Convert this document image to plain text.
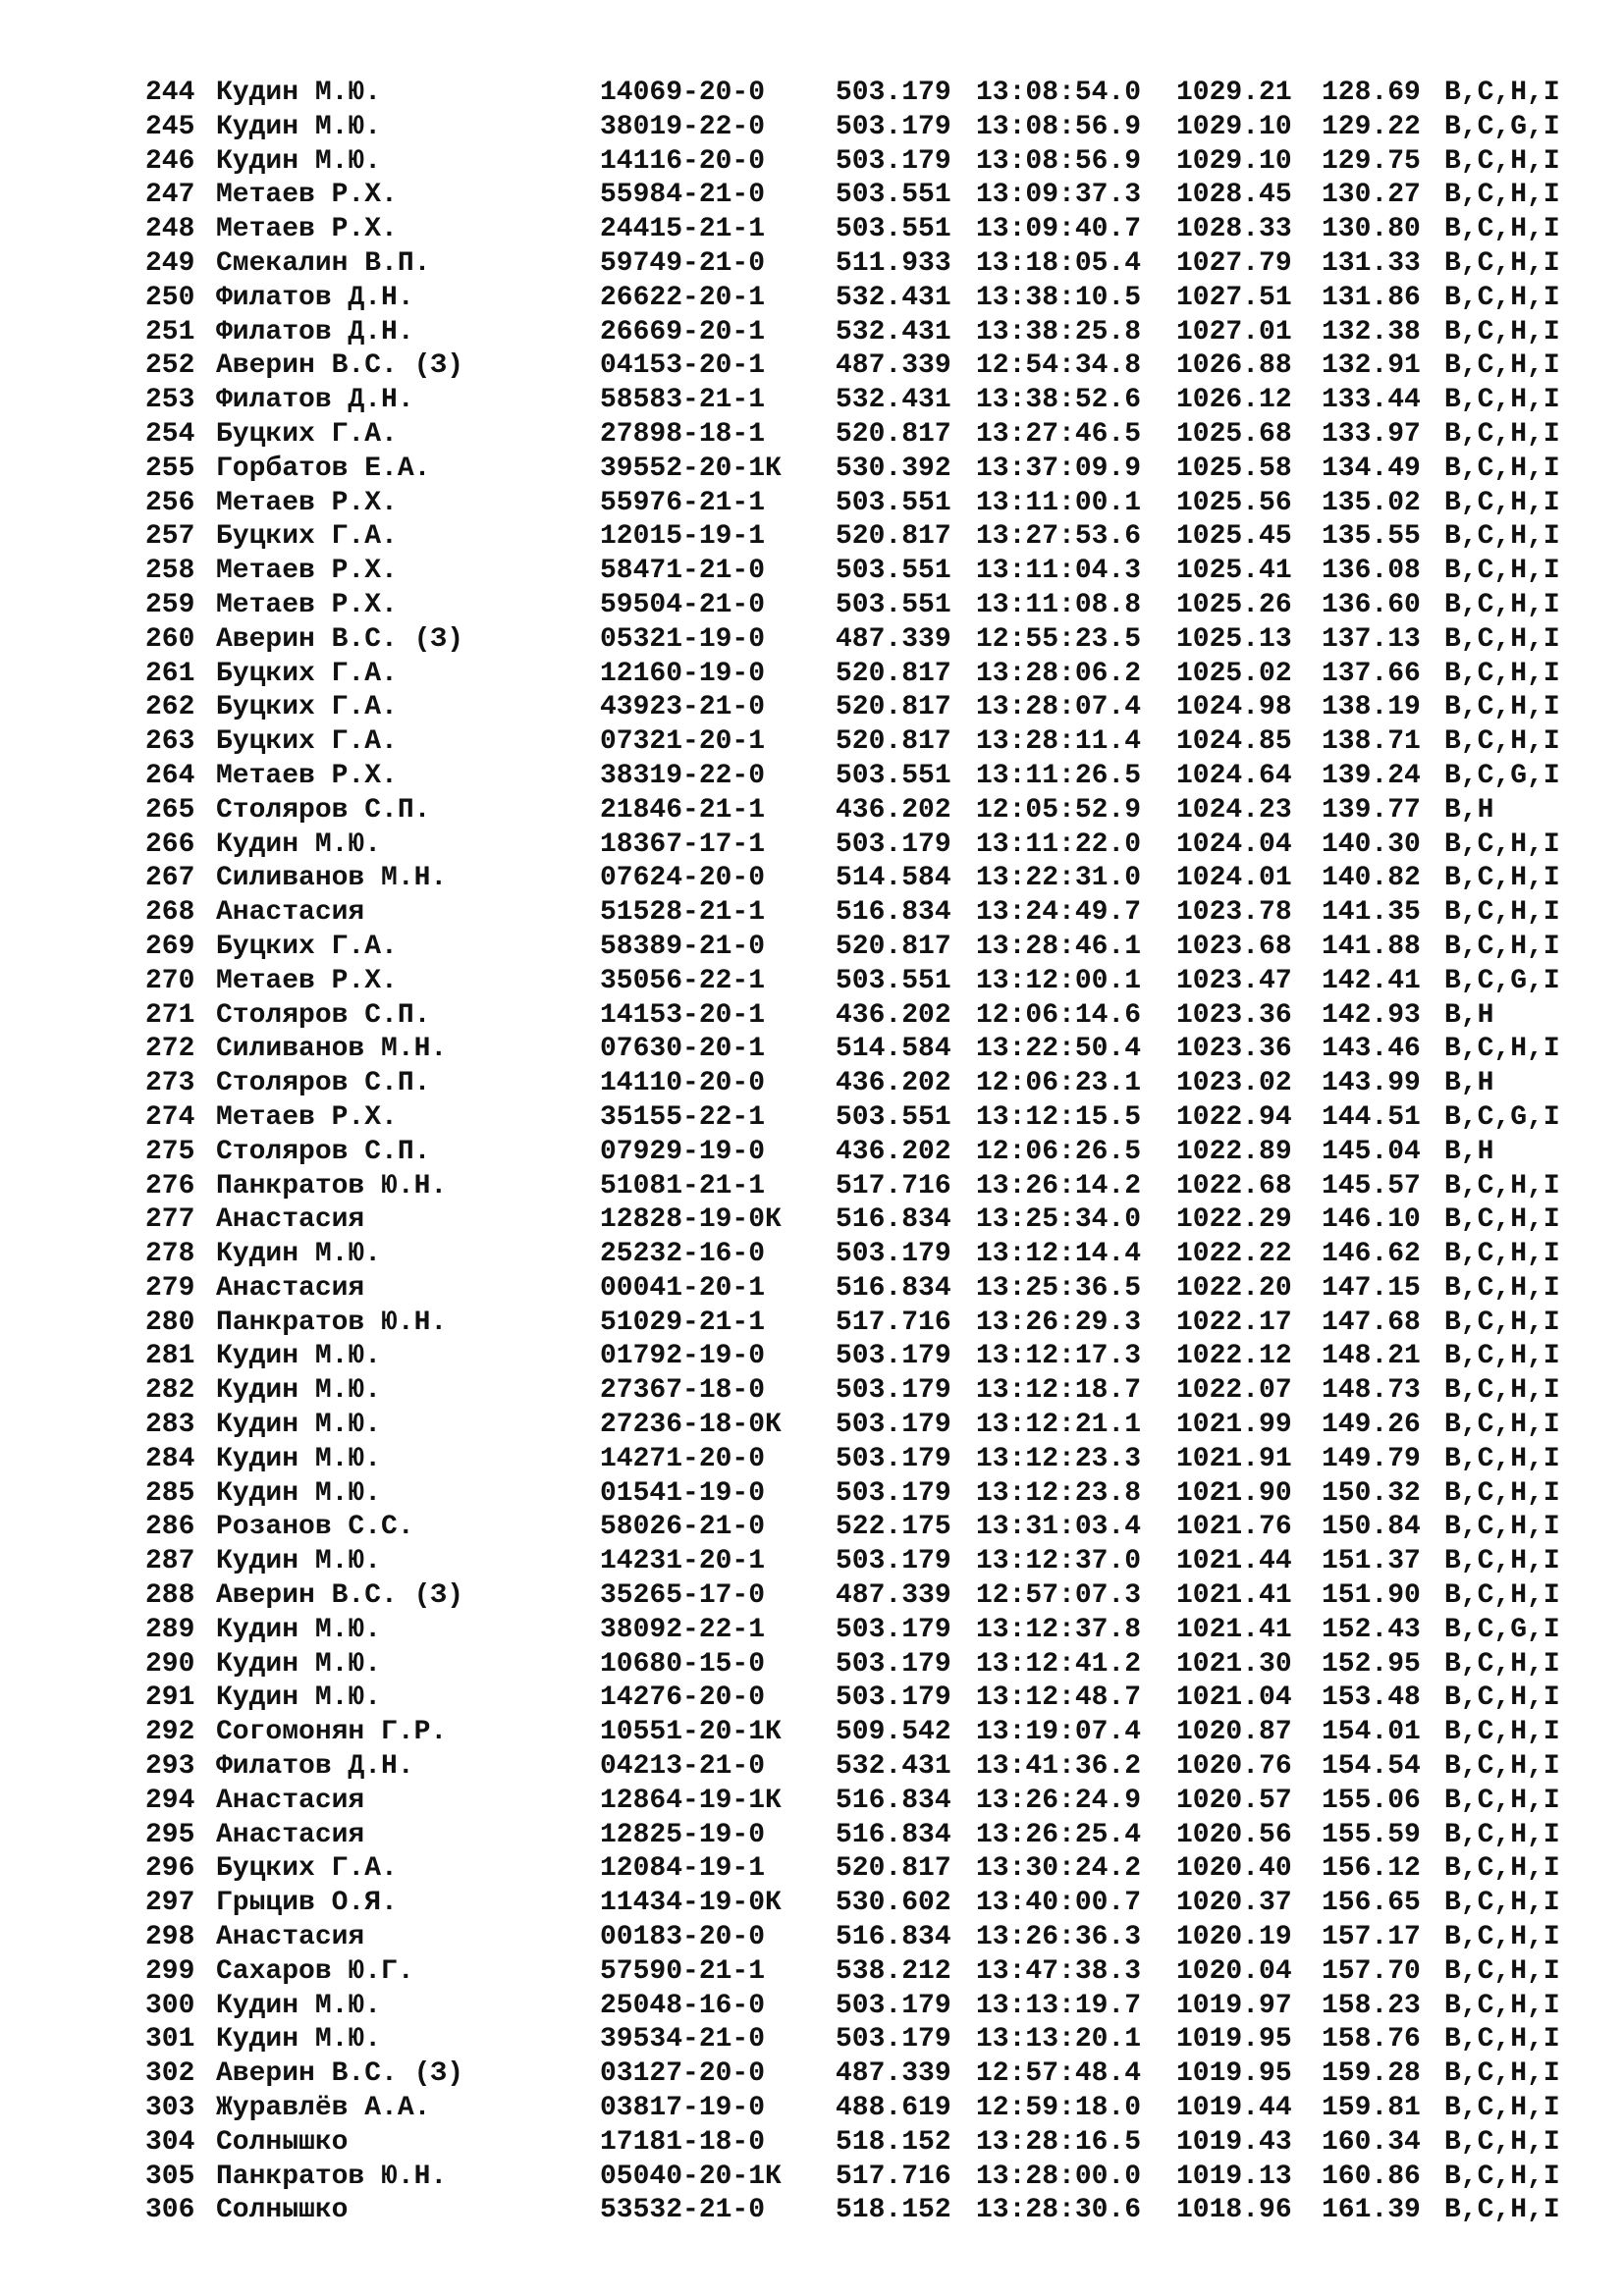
244 Кудин М.Ю.	14069-20-0	503.179 13:08:54.0 1029.21 128.69 B,C,H,I
245 Кудин М.Ю.	38019-22-0	503.179 13:08:56.9 1029.10 129.22 B,C,G,I
246 Кудин М.Ю.	14116-20-0	503.179 13:08:56.9 1029.10 129.75 B,C,H,I
247 Метаев Р.Х.	55984-21-0	503.551 13:09:37.3 1028.45 130.27 B,C,H,I
248 Метаев Р.Х.	24415-21-1	503.551 13:09:40.7 1028.33 130.80 B,C,H,I
249 Смекалин В.П.	59749-21-0	511.933 13:18:05.4 1027.79 131.33 B,C,H,I
250 Филатов Д.Н.	26622-20-1	532.431 13:38:10.5 1027.51 131.86 B,C,H,I
251 Филатов Д.Н.	26669-20-1	532.431 13:38:25.8 1027.01 132.38 B,C,H,I
252 Аверин В.С. (З)	04153-20-1	487.339 12:54:34.8 1026.88 132.91 B,C,H,I
253 Филатов Д.Н.	58583-21-1	532.431 13:38:52.6 1026.12 133.44 B,C,H,I
254 Буцких Г.А.	27898-18-1	520.817 13:27:46.5 1025.68 133.97 B,C,H,I
255 Горбатов Е.А.	39552-20-1К 530.392 13:37:09.9 1025.58 134.49 B,C,H,I
256 Метаев Р.Х.	55976-21-1	503.551 13:11:00.1 1025.56 135.02 B,C,H,I
257 Буцких Г.А.	12015-19-1	520.817 13:27:53.6 1025.45 135.55 B,C,H,I
258 Метаев Р.Х.	58471-21-0	503.551 13:11:04.3 1025.41 136.08 B,C,H,I
259 Метаев Р.Х.	59504-21-0	503.551 13:11:08.8 1025.26 136.60 B,C,H,I
260 Аверин В.С. (З)	05321-19-0	487.339 12:55:23.5 1025.13 137.13 B,C,H,I
261 Буцких Г.А.	12160-19-0	520.817 13:28:06.2 1025.02 137.66 B,C,H,I
262 Буцких Г.А.	43923-21-0	520.817 13:28:07.4 1024.98 138.19 B,C,H,I
263 Буцких Г.А.	07321-20-1	520.817 13:28:11.4 1024.85 138.71 B,C,H,I
264 Метаев Р.Х.	38319-22-0	503.551 13:11:26.5 1024.64 139.24 B,C,G,I
265 Столяров С.П.	21846-21-1	436.202 12:05:52.9 1024.23 139.77 B,H
266 Кудин М.Ю.	18367-17-1	503.179 13:11:22.0 1024.04 140.30 B,C,H,I
267 Силиванов М.Н.	07624-20-0	514.584 13:22:31.0 1024.01 140.82 B,C,H,I
268 Анастасия	51528-21-1	516.834 13:24:49.7 1023.78 141.35 B,C,H,I
269 Буцких Г.А.	58389-21-0	520.817 13:28:46.1 1023.68 141.88 B,C,H,I
270 Метаев Р.Х.	35056-22-1	503.551 13:12:00.1 1023.47 142.41 B,C,G,I
271 Столяров С.П.	14153-20-1	436.202 12:06:14.6 1023.36 142.93 B,H
272 Силиванов М.Н.	07630-20-1	514.584 13:22:50.4 1023.36 143.46 B,C,H,I
273 Столяров С.П.	14110-20-0	436.202 12:06:23.1 1023.02 143.99 B,H
274 Метаев Р.Х.	35155-22-1	503.551 13:12:15.5 1022.94 144.51 B,C,G,I
275 Столяров С.П.	07929-19-0	436.202 12:06:26.5 1022.89 145.04 B,H
276 Панкратов Ю.Н.	51081-21-1	517.716 13:26:14.2 1022.68 145.57 B,C,H,I
277 Анастасия	12828-19-0К 516.834 13:25:34.0 1022.29 146.10 B,C,H,I
278 Кудин М.Ю.	25232-16-0	503.179 13:12:14.4 1022.22 146.62 B,C,H,I
279 Анастасия	00041-20-1	516.834 13:25:36.5 1022.20 147.15 B,C,H,I
280 Панкратов Ю.Н.	51029-21-1	517.716 13:26:29.3 1022.17 147.68 B,C,H,I
281 Кудин М.Ю.	01792-19-0	503.179 13:12:17.3 1022.12 148.21 B,C,H,I
282 Кудин М.Ю.	27367-18-0	503.179 13:12:18.7 1022.07 148.73 B,C,H,I
283 Кудин М.Ю.	27236-18-0К 503.179 13:12:21.1 1021.99 149.26 B,C,H,I
284 Кудин М.Ю.	14271-20-0	503.179 13:12:23.3 1021.91 149.79 B,C,H,I
285 Кудин М.Ю.	01541-19-0	503.179 13:12:23.8 1021.90 150.32 B,C,H,I
286 Розанов С.С.	58026-21-0	522.175 13:31:03.4 1021.76 150.84 B,C,H,I
287 Кудин М.Ю.	14231-20-1	503.179 13:12:37.0 1021.44 151.37 B,C,H,I
288 Аверин В.С. (З)	35265-17-0	487.339 12:57:07.3 1021.41 151.90 B,C,H,I
289 Кудин М.Ю.	38092-22-1	503.179 13:12:37.8 1021.41 152.43 B,C,G,I
290 Кудин М.Ю.	10680-15-0	503.179 13:12:41.2 1021.30 152.95 B,C,H,I
291 Кудин М.Ю.	14276-20-0	503.179 13:12:48.7 1021.04 153.48 B,C,H,I
292 Согомонян Г.Р.	10551-20-1К 509.542 13:19:07.4 1020.87 154.01 B,C,H,I
293 Филатов Д.Н.	04213-21-0	532.431 13:41:36.2 1020.76 154.54 B,C,H,I
294 Анастасия	12864-19-1К 516.834 13:26:24.9 1020.57 155.06 B,C,H,I
295 Анастасия	12825-19-0	516.834 13:26:25.4 1020.56 155.59 B,C,H,I
296 Буцких Г.А.	12084-19-1	520.817 13:30:24.2 1020.40 156.12 B,C,H,I
297 Грыцив О.Я.	11434-19-0К 530.602 13:40:00.7 1020.37 156.65 B,C,H,I
298 Анастасия	00183-20-0	516.834 13:26:36.3 1020.19 157.17 B,C,H,I
299 Сахаров Ю.Г.	57590-21-1	538.212 13:47:38.3 1020.04 157.70 B,C,H,I
300 Кудин М.Ю.	25048-16-0	503.179 13:13:19.7 1019.97 158.23 B,C,H,I
301 Кудин М.Ю.	39534-21-0	503.179 13:13:20.1 1019.95 158.76 B,C,H,I
302 Аверин В.С. (З)	03127-20-0	487.339 12:57:48.4 1019.95 159.28 B,C,H,I
303 Журавлёв А.А.	03817-19-0	488.619 12:59:18.0 1019.44 159.81 B,C,H,I
304 Солнышко	17181-18-0	518.152 13:28:16.5 1019.43 160.34 B,C,H,I
305 Панкратов Ю.Н.	05040-20-1К 517.716 13:28:00.0 1019.13 160.86 B,C,H,I
306 Солнышко	53532-21-0	518.152 13:28:30.6 1018.96 161.39 B,C,H,I
